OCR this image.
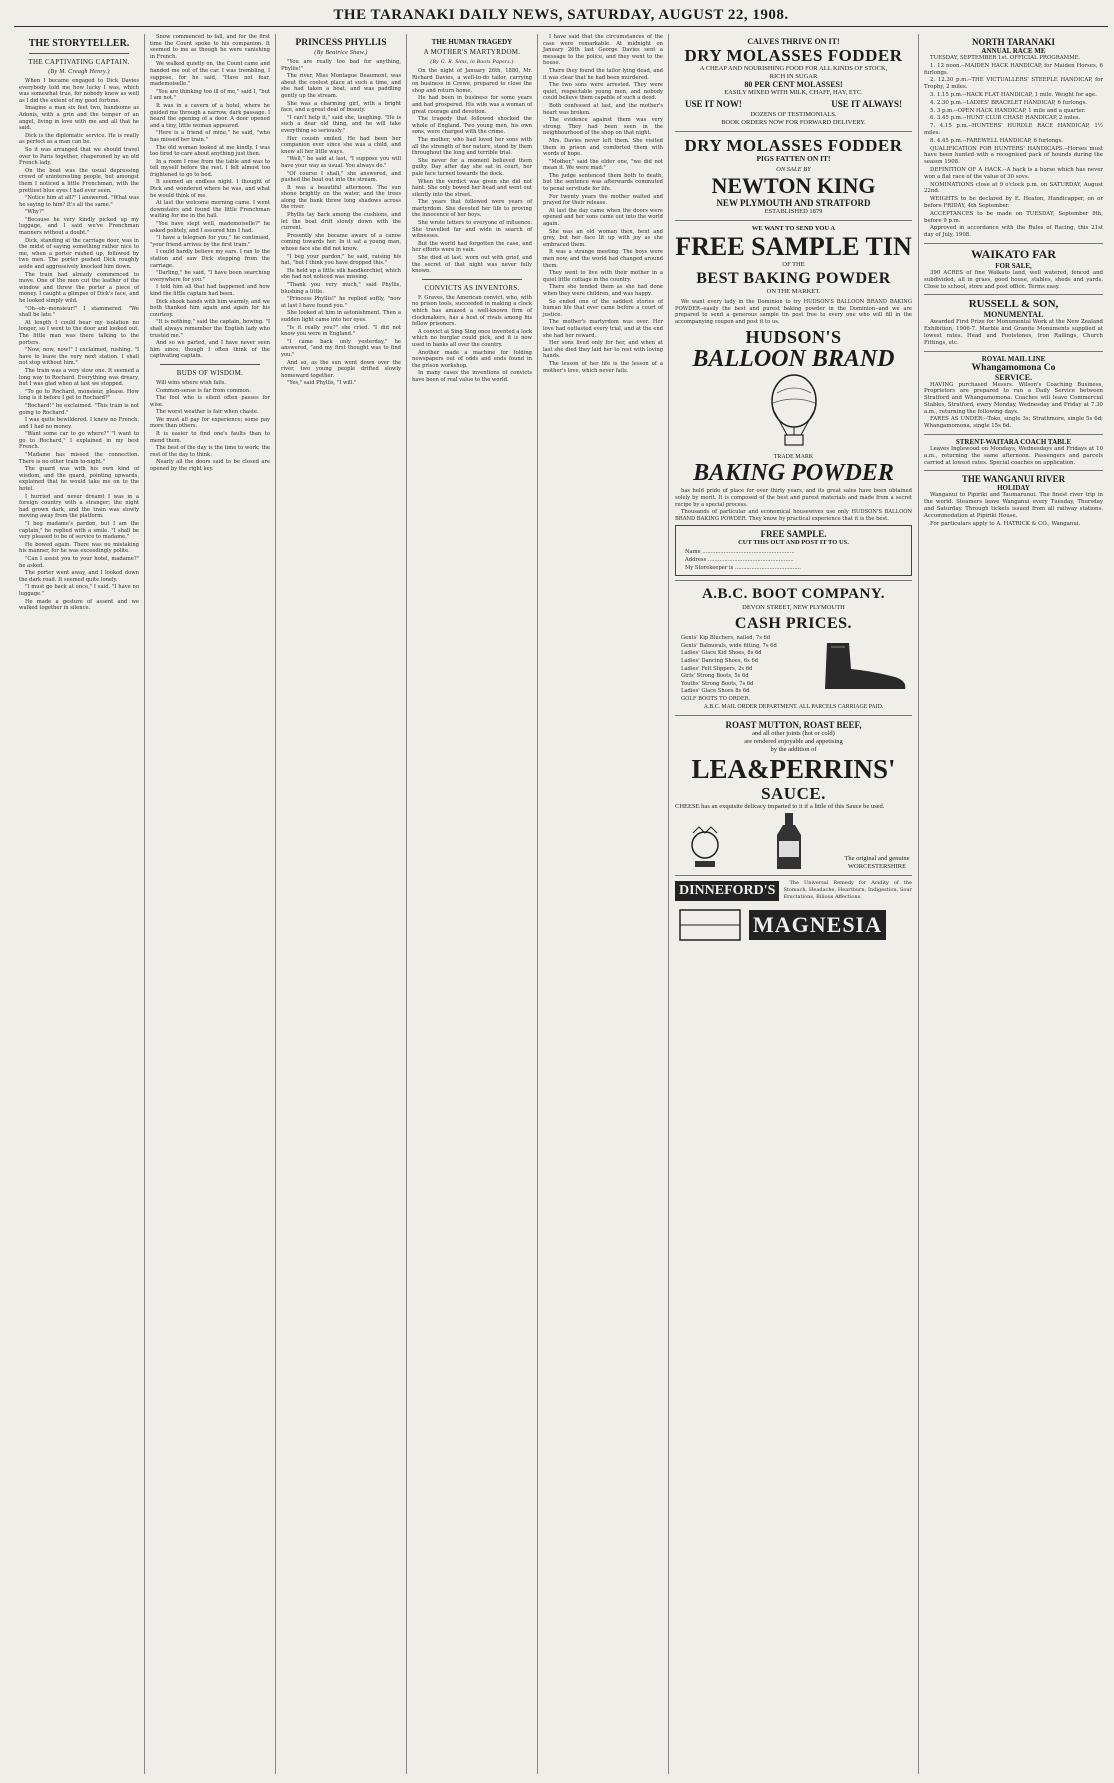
THE TARANAKI DAILY NEWS, SATURDAY, AUGUST 22, 1908.
THE STORYTELLER.
THE CAPTIVATING CAPTAIN.
(By M. Creagh Henry.)

When I became engaged to Dick Davies everybody told me how lucky I was, which was somewhat true, for nobody knew as well as I did the extent of my good fortune.

Imagine a man six feet two, handsome as Adonis, with a grin and the temper of an angel, living in love with me and all that he said.

Dick is the diplomatic service. He is really as perfect as a man can be.

So it was arranged that we should travel over to Paris together, chaperoned by an old French lady.

On the boat was the usual depressing crowd of uninteresting people, but amongst them I noticed a little Frenchman, with the prettiest blue eyes I had ever seen.

"Notice him at all?" I answered. "What was he saying to him? It's all the same."

"Why?"

"Because he very kindly picked up my luggage, and I said we've Frenchman manners without a doubt."

Dick, standing at the carriage door, was in the midst of saying something rather nice to me, when a porter rushed up, followed by two men. The porter pushed Dick roughly aside and aggressively knocked him down.

The train had already commenced to move. One of the men cut the leather of the window and threw the porter a piece of money. I caught a glimpse of Dick's face, and he looked simply wild.

"Oh--oh--monsieur!" I stammered. "We shall be late."

At length I could bear my isolation no longer, so I went to the door and looked out. The little man was there talking to the porters.

"Now, now, now!" I exclaimed, rushing. "I have to leave the very next station. I shall not stop without him."

The train was a very slow one. It seemed a long way to Rochard. Everything was dreary, but I was glad when at last we stopped.

"To go to Rochard, monsieur, please. How long is it before I get to Rochard?"

"Rochard!" he exclaimed. "This train is not going to Rochard."

I was quite bewildered. I knew no French, and I had no money.

"Want some car to go where?" "I want to go to Rochard," I explained in my best French.

"Madame has missed the connection. There is no other train to-night."

The guard was with his own kind of wisdom, and the guard, pointing upwards, explained that he would take me on to the hotel.

I hurried and never dreamt I was in a foreign country with a stranger; the night had grown dark, and the train was slowly moving away from the platform.

"I beg madame's pardon, but I am the captain," he replied with a smile. "I shall be very pleased to be of service to madame."

He bowed again. There was no mistaking his manner, for he was exceedingly polite.

"Can I assist you to your hotel, madame?" he asked.

The porter went away, and I looked down the dark road. It seemed quite lonely.

"I must go back at once," I said. "I have no luggage."

He made a gesture of assent and we walked together in silence.

Snow commenced to fall, and for the first time the Count spoke to his companion. It seemed to me as though he were vanishing in French.

We walked quietly on, the Count came and handed me out of the car. I was trembling, I suppose, for he said, "Have not fear, mademoiselle."

"You are thinking too ill of me," said I, "but I am not."

It was in a cavern of a hotel, where he guided me through a narrow, dark passage. I heard the opening of a door. A door opened and a tiny, little woman appeared.

"Here is a friend of mine," he said, "who has missed her train."

The old woman looked at me kindly. I was too tired to care about anything just then.

In a room I rose from the table and was to tell myself before the rest. I felt almost too frightened to go to bed.

It seemed an endless night. I thought of Dick and wondered where he was, and what he would think of me.

At last the welcome morning came. I went downstairs and found the little Frenchman waiting for me in the hall.

"You have slept well, mademoiselle?" he asked politely, and I assured him I had.

"I have a telegram for you," he continued, "your friend arrives by the first train."

I could hardly believe my ears. I ran to the station and saw Dick stepping from the carriage.

"Darling," he said, "I have been searching everywhere for you."

I told him all that had happened and how kind the little captain had been.

Dick shook hands with him warmly, and we both thanked him again and again for his courtesy.

"It is nothing," said the captain, bowing. "I shall always remember the English lady who trusted me."

And so we parted, and I have never seen him since, though I often think of the captivating captain.

BUDS OF WISDOM.

Will wins where wish fails.

Common-sense is far from common.

The fool who is silent often passes for wise.

The worst weather is fair when chaste.

We must all pay for experience; some pay more than others.

It is easier to find one's faults than to mend them.

The best of the day is the time to work; the rest of the day to think.

Nearly all the doors said to be closed are opened by the right key.

PRINCESS PHYLLIS
(By Beatrice Shaw.)

"You are really too bad for anything, Phyllis!"

The river, Miss Montague Beaumont, was about the coolest place at such a time, and she had taken a boat, and was paddling gently up the stream.

She was a charming girl, with a bright face, and a great deal of beauty.

"I can't help it," said she, laughing. "He is such a dear old thing, and he will take everything so seriously."

Her cousin smiled. He had been her companion ever since she was a child, and knew all her little ways.

"Well," he said at last, "I suppose you will have your way as usual. You always do."

"Of course I shall," she answered, and pushed the boat out into the stream.

It was a beautiful afternoon. The sun shone brightly on the water, and the trees along the bank threw long shadows across the river.

Phyllis lay back among the cushions, and let the boat drift slowly down with the current.

Presently she became aware of a canoe coming towards her. In it sat a young man, whose face she did not know.

"I beg your pardon," he said, raising his hat, "but I think you have dropped this."

He held up a little silk handkerchief, which she had not noticed was missing.

"Thank you very much," said Phyllis, blushing a little.

"Princess Phyllis!" he replied softly, "now at last I have found you."

She looked at him in astonishment. Then a sudden light came into her eyes.

"Is it really you?" she cried. "I did not know you were in England."

"I came back only yesterday," he answered, "and my first thought was to find you."

And so, as the sun went down over the river, two young people drifted slowly homeward together.

"Yes," said Phyllis, "I will."

THE HUMAN TRAGEDY
A MOTHER'S MARTYRDOM.
(By G. R. Sims, in Boots Papers.)

On the night of January 26th, 1880, Mr. Richard Davies, a well-to-do tailor, carrying on business in Crewe, prepared to close the shop and return home.

He had been in business for some years and had prospered. His wife was a woman of great courage and devotion.

The tragedy that followed shocked the whole of England. Two young men, his own sons, were charged with the crime.

The mother, who had loved her sons with all the strength of her nature, stood by them throughout the long and terrible trial.

She never for a moment believed them guilty. Day after day she sat in court, her pale face turned towards the dock.

When the verdict was given she did not faint. She only bowed her head and went out silently into the street.

The years that followed were years of martyrdom. She devoted her life to proving the innocence of her boys.

She wrote letters to everyone of influence. She travelled far and wide in search of witnesses.

But the world had forgotten the case, and her efforts were in vain.

She died at last, worn out with grief, and the secret of that night was never fully known.

CONVICTS AS INVENTORS.

F. Graves, the American convict, who, with no prison tools, succeeded in making a clock which has amazed a well-known firm of clockmakers, has a host of rivals among his fellow prisoners.

A convict at Sing Sing once invented a lock which no burglar could pick, and it is now used in banks all over the country.

Another made a machine for folding newspapers out of odds and ends found in the prison workshop.

In many cases the inventions of convicts have been of real value to the world.

I have said that the circumstances of the case were remarkable. At midnight on January 26th last George Davies sent a message to the police, and they went to the house.

There they found the tailor lying dead, and it was clear that he had been murdered.

The two sons were arrested. They were quiet, respectable young men, and nobody could believe them capable of such a deed.

Both confessed at last, and the mother's heart was broken.

The evidence against them was very strong. They had been seen in the neighbourhood of the shop on that night.

Mrs. Davies never left them. She visited them in prison and comforted them with words of hope.

"Mother," said the elder one, "we did not mean it. We were mad."

The judge sentenced them both to death, but the sentence was afterwards commuted to penal servitude for life.

For twenty years the mother waited and prayed for their release.

At last the day came when the doors were opened and her sons came out into the world again.

She was an old woman then, bent and grey, but her face lit up with joy as she embraced them.

It was a strange meeting. The boys were men now, and the world had changed around them.

They went to live with their mother in a quiet little cottage in the country.

There she tended them as she had done when they were children, and was happy.

So ended one of the saddest stories of human life that ever came before a court of justice.

The mother's martyrdom was over. Her love had outlasted every trial, and at the end she had her reward.

Her sons lived only for her, and when at last she died they laid her to rest with loving hands.

The lesson of her life is the lesson of a mother's love, which never fails.

CALVES THRIVE ON IT!
DRY MOLASSES FODDER
A CHEAP AND NOURISHING FOOD FOR ALL KINDS OF STOCK,
RICH IN SUGAR
80 PER CENT MOLASSES!
EASILY MIXED WITH MILK, CHAFF, HAY, ETC.
USE IT NOW!	USE IT ALWAYS!
DOZENS OF TESTIMONIALS.
BOOK ORDERS NOW FOR FORWARD DELIVERY.
DRY MOLASSES FODDER
PIGS FATTEN ON IT!
ON SALE BY
NEWTON KING
NEW PLYMOUTH AND STRATFORD
ESTABLISHED 1879
WE WANT TO SEND YOU A
FREE SAMPLE TIN
OF THE
BEST BAKING POWDER
ON THE MARKET.

We want every lady in the Dominion to try HUDSON'S BALLOON BRAND BAKING POWDER--easily the best and purest baking powder in the Dominion--and we are prepared to send a generous sample tin post free to every one who will fill in the accompanying coupon and post it to us.

HUDSON'S
BALLOON BRAND
TRADE MARK
BAKING POWDER

has held pride of place for over thirty years, and its great sales have been obtained solely by merit. It is composed of the best and purest materials and made from a secret recipe by a special process.

Thousands of particular and economical housewives use only HUDSON'S BALLOON BRAND BAKING POWDER. They know by practical experience that it is the best.

FREE SAMPLE.
CUT THIS OUT AND POST IT TO US.

Name ........................................................

Address ....................................................

My Storekeeper is ........................................

A.B.C. BOOT COMPANY.
DEVON STREET, NEW PLYMOUTH
CASH PRICES.

Gents' Kip Bluchers, nailed, 7s 6d

Gents' Balmorals, wide fitting, 7s 6d

Ladies' Glace Kid Shoes, 8s 6d

Ladies' Dancing Shoes, 6s 6d

Ladies' Felt Slippers, 2s 6d

Girls' Strong Boots, 5s 6d

Youths' Strong Boots, 7s 6d

Ladies' Glace Shoes 8s 6d

GOLF BOOTS TO ORDER.

A.B.C. MAIL ORDER DEPARTMENT. ALL PARCELS CARRIAGE PAID.
ROAST MUTTON, ROAST BEEF,
and all other joints (hot or cold)
are rendered enjoyable and appetising
by the addition of
LEA&PERRINS'
SAUCE.
CHEESE has an exquisite delicacy imparted to it if a little of this Sauce be used.
The original and genuine WORCESTERSHIRE
DINNEFORD'S	The Universal Remedy for Acidity of the Stomach, Headache, Heartburn, Indigestion, Sour Eructations, Bilious Affections.

MAGNESIA
NORTH TARANAKI
ANNUAL RACE ME

TUESDAY, SEPTEMBER 1st. OFFICIAL PROGRAMME.

1. 12 noon.--MAIDEN HACK HANDICAP, for Maiden Horses, 6 furlongs.

2. 12.30 p.m.--THE VICTUALLERS' STEEPLE HANDICAP, for Trophy, 2 miles.

3. 1.15 p.m.--HACK FLAT HANDICAP, 1 mile. Weight for age.

4. 2.30 p.m.--LADIES' BRACELET HANDICAP, 6 furlongs.

5. 3 p.m.--OPEN HACK HANDICAP, 1 mile and a quarter.

6. 3.45 p.m.--HUNT CLUB CHASE HANDICAP, 2 miles.

7. 4.15 p.m.--HUNTERS' HURDLE RACE HANDICAP, 1½ miles.

8. 4.45 p.m.--FAREWELL HANDICAP, 6 furlongs.

QUALIFICATION FOR HUNTERS' HANDICAPS.--Horses must have been hunted with a recognised pack of hounds during the season 1908.

DEFINITION OF A HACK.--A hack is a horse which has never won a flat race of the value of 30 sovs.

NOMINATIONS close at 9 o'clock p.m. on SATURDAY, August 22nd.

WEIGHTS to be declared by E. Heaton, Handicapper, on or before FRIDAY, 4th September.

ACCEPTANCES to be made on TUESDAY, September 8th, before 9 p.m.

Approved in accordance with the Rules of Racing, this 21st day of July, 1908.

WAIKATO FAR
FOR SALE,

390 ACRES of fine Waikato land, well watered, fenced and subdivided, all in grass, good house, stables, sheds and yards. Close to school, store and post office. Terms easy.

RUSSELL & SON,
MONUMENTAL

Awarded First Prize for Monumental Work at the New Zealand Exhibition, 1906-7. Marble and Granite Monuments supplied at lowest rates. Head and Footstones, Iron Railings, Church Fittings, etc.

ROYAL MAIL LINE
Whangamomona Co
SERVICE.

HAVING purchased Messrs. Wilson's Coaching Business, Proprietors are prepared to run a Daily Service between Stratford and Whangamomona. Coaches will leave Commercial Stables, Stratford, every Monday, Wednesday and Friday at 7.30 a.m., returning the following days.

FARES AS UNDER:--Toko, single 3s; Strathmore, single 5s 6d; Whangamomona, single 15s 6d.

STRENT-WAITARA COACH TABLE

Leaves Inglewood on Mondays, Wednesdays and Fridays at 10 a.m., returning the same afternoon. Passengers and parcels carried at lowest rates. Special coaches on application.

THE WANGANUI RIVER
HOLIDAY

Wanganui to Pipiriki and Taumarunui. The finest river trip in the world. Steamers leave Wanganui every Tuesday, Thursday and Saturday. Through tickets issued from all railway stations. Accommodation at Pipiriki House.

For particulars apply to A. HATRICK & CO., Wanganui.
